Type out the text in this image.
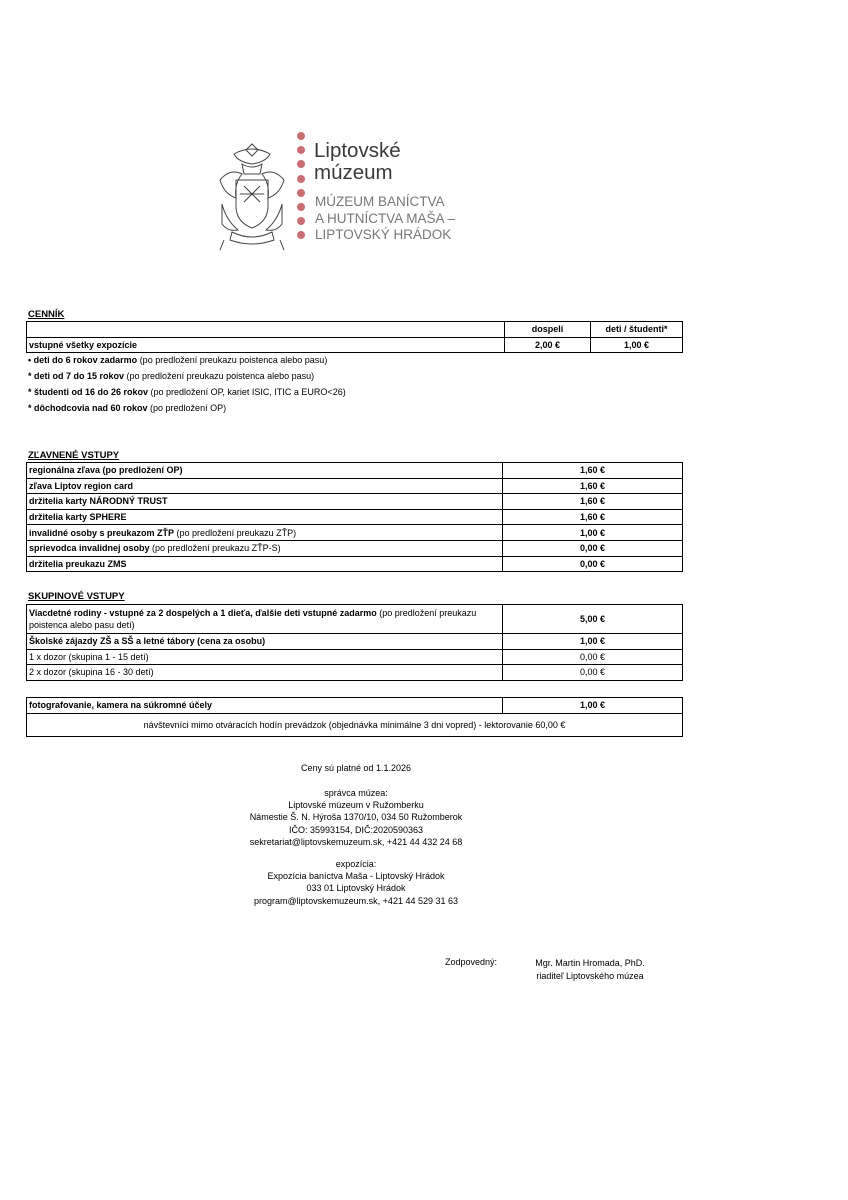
Liptovské
múzeum
MÚZEUM BANÍCTVA
A HUTNÍCTVA MAŠA –
LIPTOVSKÝ HRÁDOK
CENNÍK
	dospelí	deti / študenti*
vstupné všetky expozície	2,00 €	1,00 €
• deti do 6 rokov zadarmo (po predložení preukazu poistenca alebo pasu)
* deti od 7 do 15 rokov (po predložení preukazu poistenca alebo pasu)
* študenti od 16 do 26 rokov (po predložení OP, kariet ISIC, ITIC a EURO<26)
* dôchodcovia nad 60 rokov (po predložení OP)
ZĽAVNENÉ VSTUPY
regionálna zľava (po predložení OP)	1,60 €
zľava Liptov region card	1,60 €
držitelia karty NÁRODNÝ TRUST	1,60 €
držitelia karty SPHERE	1,60 €
invalidné osoby s preukazom ZŤP (po predložení preukazu ZŤP)	1,00 €
sprievodca invalidnej osoby (po predložení preukazu ZŤP-S)	0,00 €
držitelia preukazu ZMS	0,00 €
SKUPINOVÉ VSTUPY
Viacdetné rodiny - vstupné za 2 dospelých a 1 dieťa, ďalšie deti vstupné zadarmo (po predložení preukazu poistenca alebo pasu detí)	5,00 €
Školské zájazdy ZŠ a SŠ a letné tábory (cena za osobu)	1,00 €
1 x dozor (skupina 1 - 15 detí)	0,00 €
2 x dozor (skupina 16 - 30 detí)	0,00 €
fotografovanie, kamera na súkromné účely	1,00 €
návštevníci mimo otváracích hodín prevádzok (objednávka minimálne 3 dni vopred) - lektorovanie 60,00 €
Ceny sú platné od 1.1.2026
správca múzea:
Liptovské múzeum v Ružomberku
Námestie Š. N. Hýroša 1370/10, 034 50 Ružomberok
IČO: 35993154, DIČ:2020590363
sekretariat@liptovskemuzeum.sk, +421 44 432 24 68
expozícia:
Expozícia baníctva Maša - Liptovský Hrádok
033 01 Liptovský Hrádok
program@liptovskemuzeum.sk, +421 44 529 31 63
Zodpovedný:	Mgr. Martin Hromada, PhD.
riaditeľ Liptovského múzea
